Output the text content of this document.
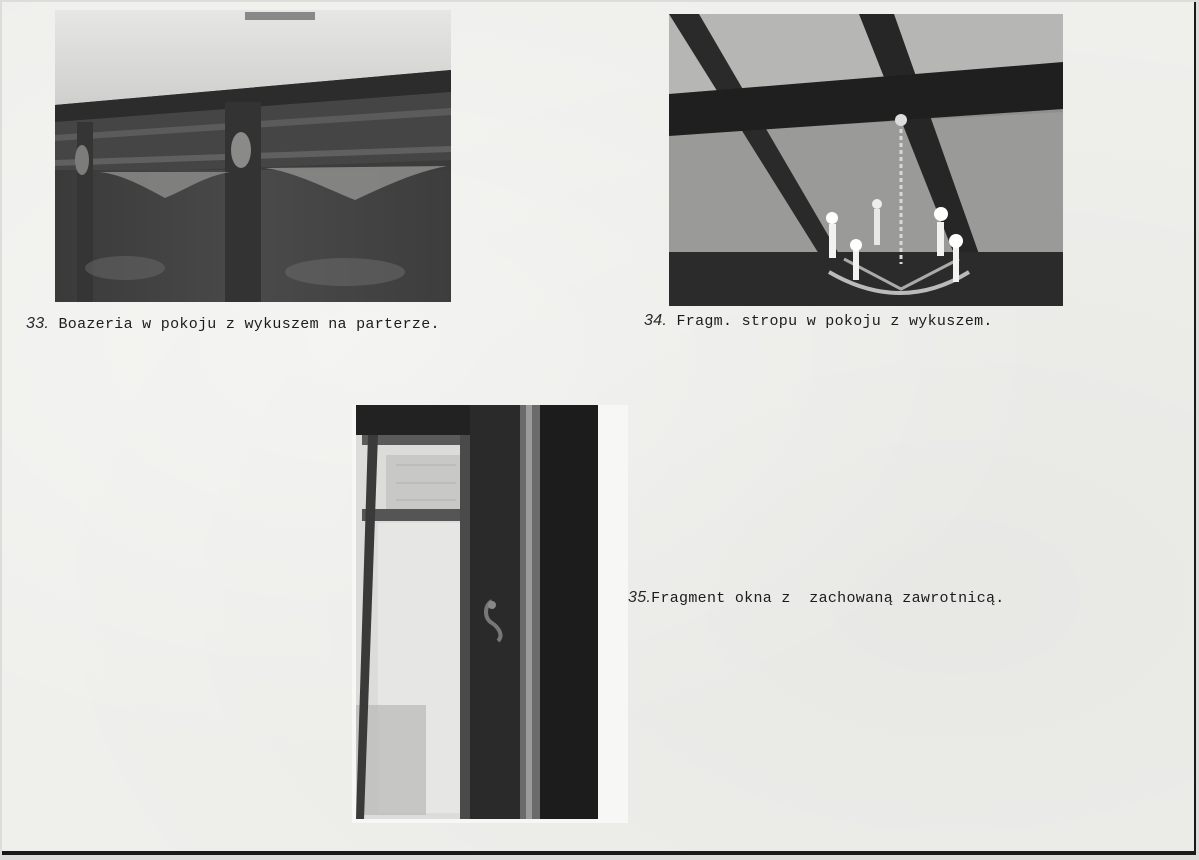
33. Boazeria w pokoju z wykuszem na parterze.	34. Fragm. stropu w pokoju z wykuszem.
35.Fragment okna z  zachowaną zawrotnicą.
